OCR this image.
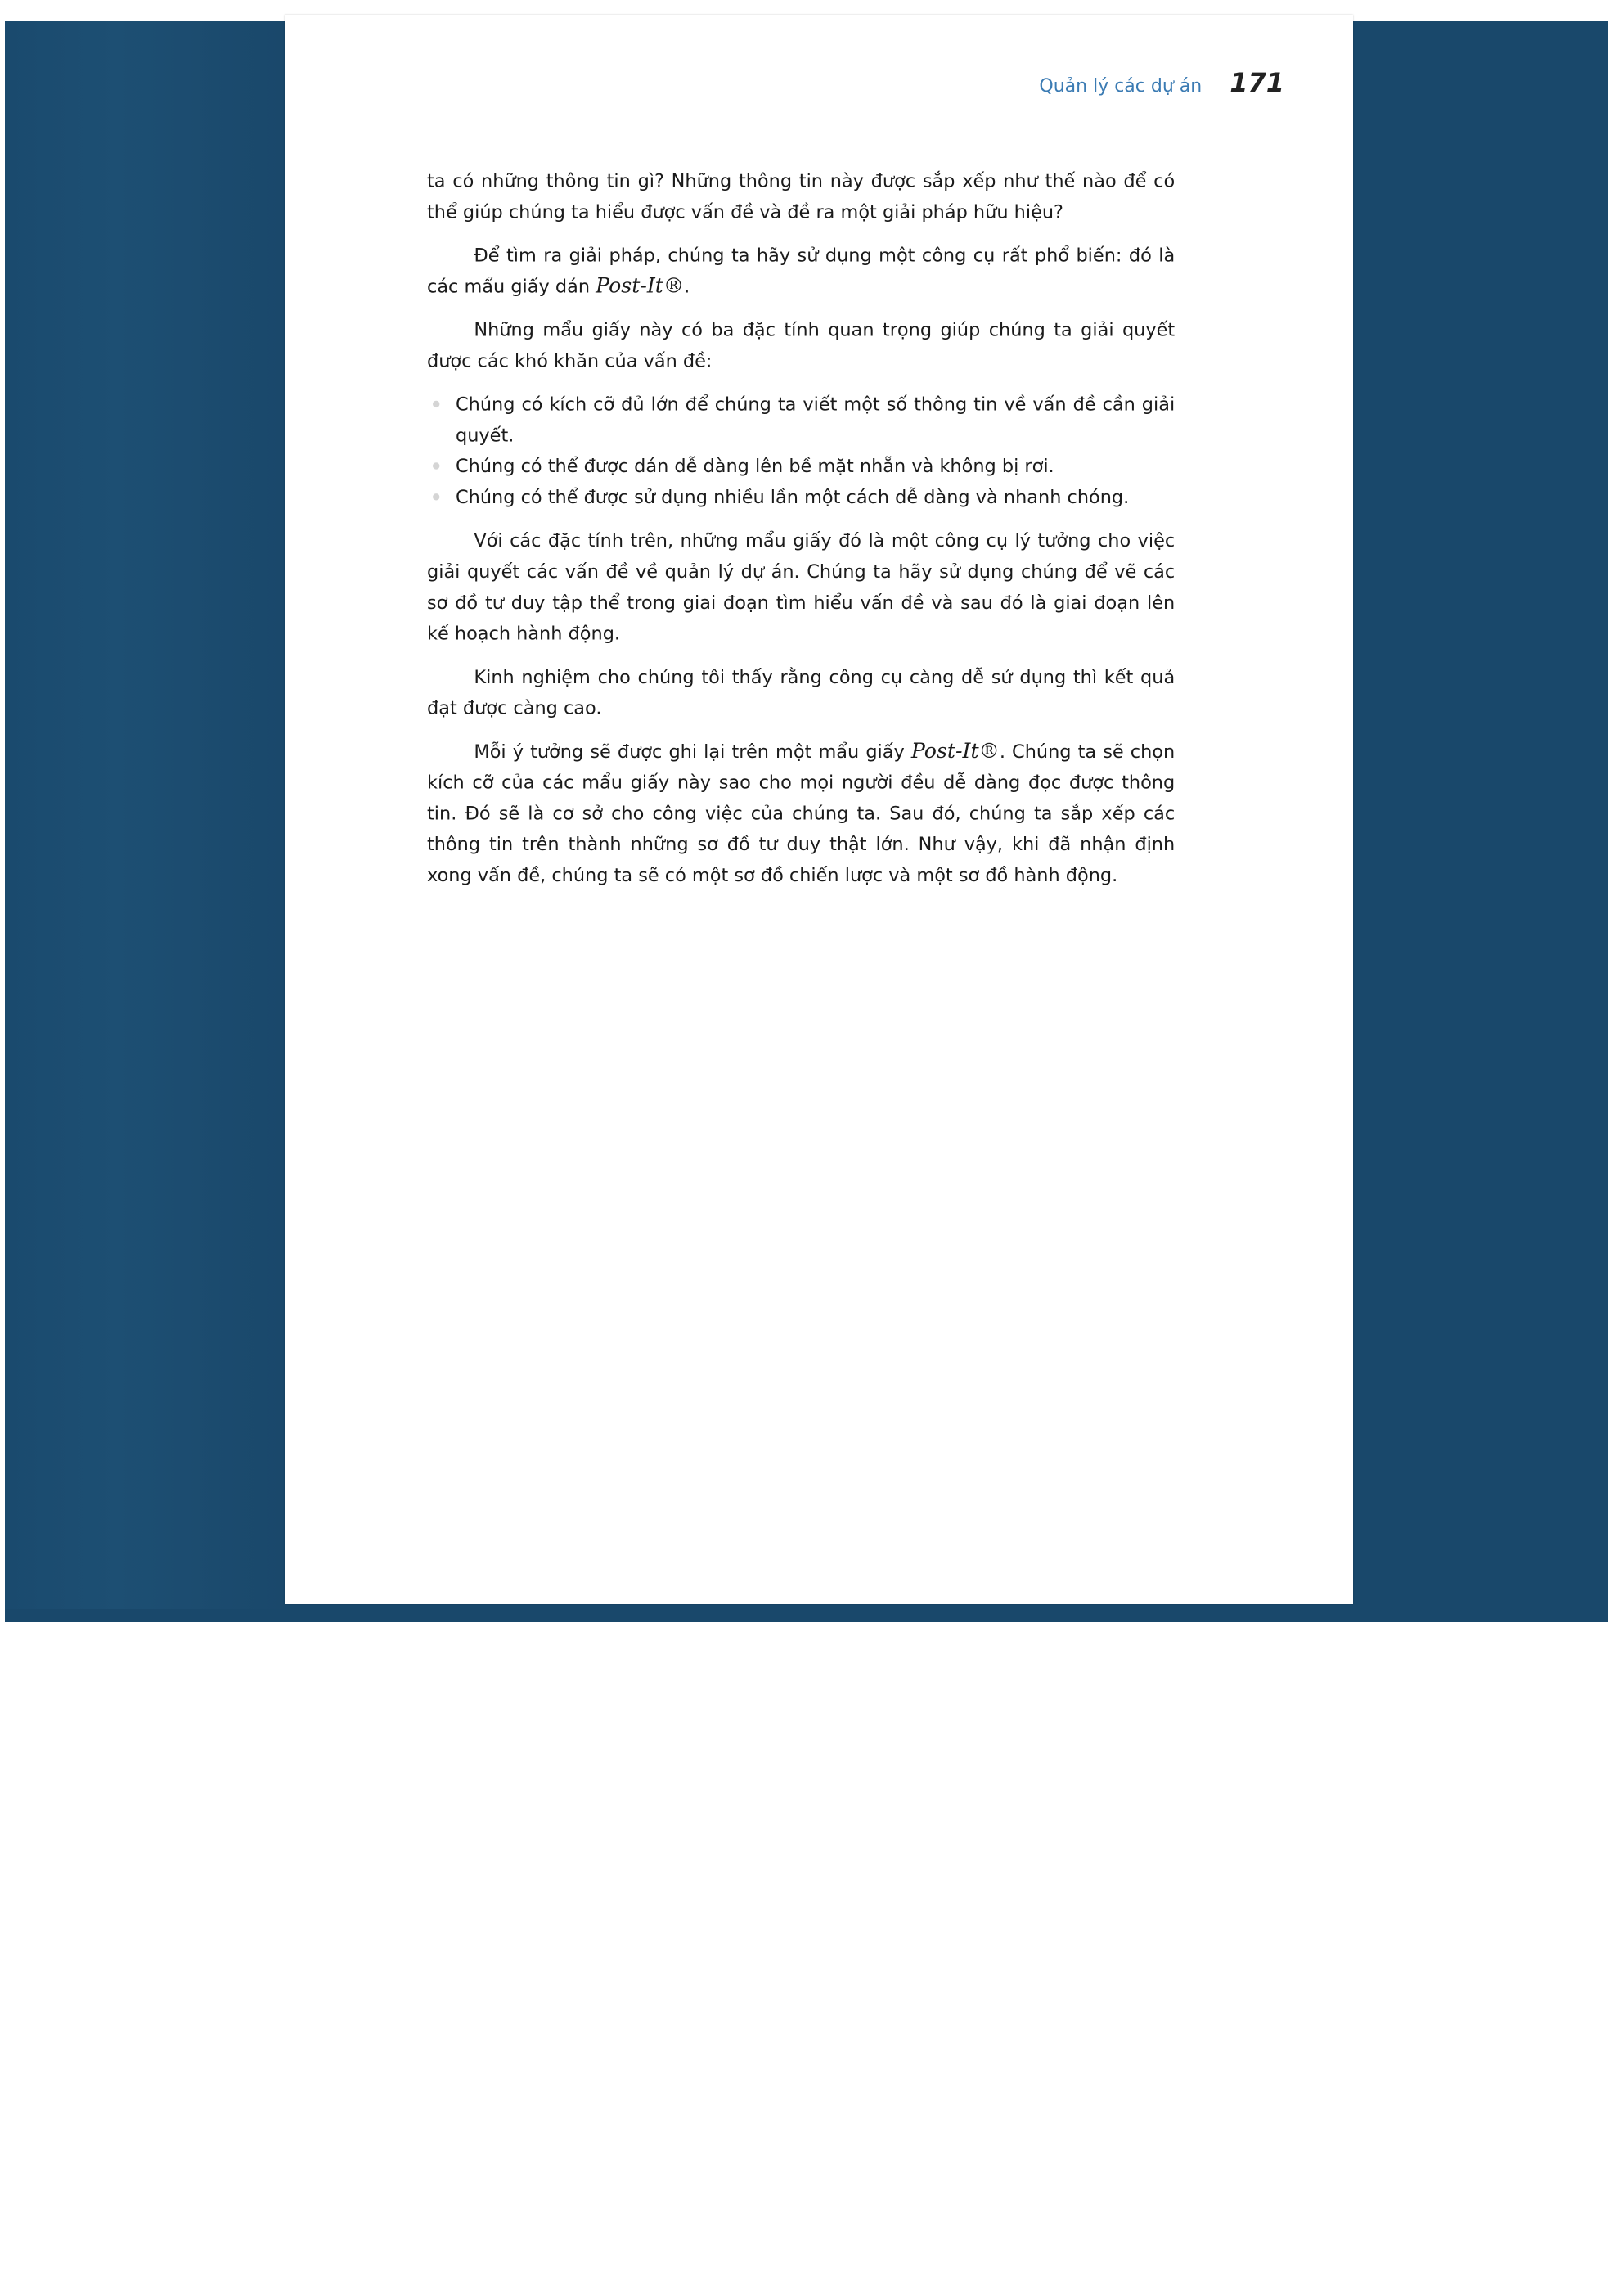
Quản lý các dự án 171

ta có những thông tin gì? Những thông tin này được sắp xếp như thế nào để có thể giúp chúng ta hiểu được vấn đề và đề ra một giải pháp hữu hiệu?

Để tìm ra giải pháp, chúng ta hãy sử dụng một công cụ rất phổ biến: đó là các mẩu giấy dán Post-It®.

Những mẩu giấy này có ba đặc tính quan trọng giúp chúng ta giải quyết được các khó khăn của vấn đề:

Chúng có kích cỡ đủ lớn để chúng ta viết một số thông tin về vấn đề cần giải quyết.
Chúng có thể được dán dễ dàng lên bề mặt nhẵn và không bị rơi.
Chúng có thể được sử dụng nhiều lần một cách dễ dàng và nhanh chóng.

Với các đặc tính trên, những mẩu giấy đó là một công cụ lý tưởng cho việc giải quyết các vấn đề về quản lý dự án. Chúng ta hãy sử dụng chúng để vẽ các sơ đồ tư duy tập thể trong giai đoạn tìm hiểu vấn đề và sau đó là giai đoạn lên kế hoạch hành động.

Kinh nghiệm cho chúng tôi thấy rằng công cụ càng dễ sử dụng thì kết quả đạt được càng cao.

Mỗi ý tưởng sẽ được ghi lại trên một mẩu giấy Post-It®. Chúng ta sẽ chọn kích cỡ của các mẩu giấy này sao cho mọi người đều dễ dàng đọc được thông tin. Đó sẽ là cơ sở cho công việc của chúng ta. Sau đó, chúng ta sắp xếp các thông tin trên thành những sơ đồ tư duy thật lớn. Như vậy, khi đã nhận định xong vấn đề, chúng ta sẽ có một sơ đồ chiến lược và một sơ đồ hành động.
